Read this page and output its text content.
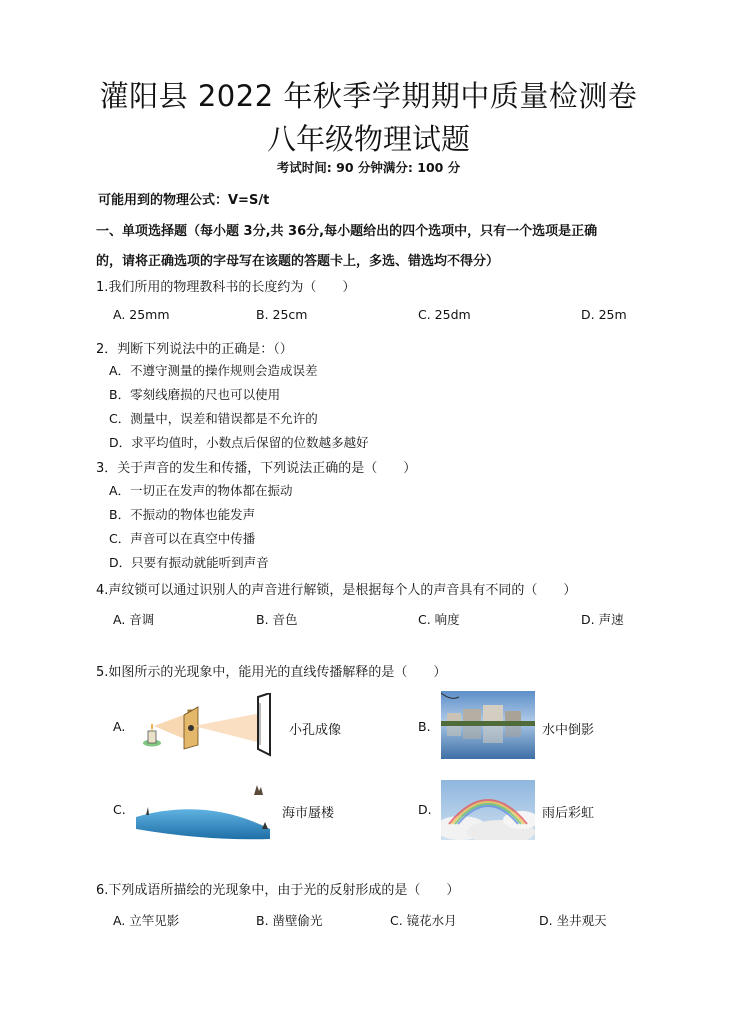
灌阳县 2022 年秋季学期期中质量检测卷
八年级物理试题
考试时间: 90 分钟满分: 100 分
可能用到的物理公式：V=S/t
一、单项选择题（每小题 3分,共 36分,每小题给出的四个选项中，只有一个选项是正确
的，请将正确选项的字母写在该题的答题卡上，多选、错选均不得分）
1.我们所用的物理教科书的长度约为（　　）
A. 25mm	B. 25cm	C. 25dm	D. 25m
2．判断下列说法中的正确是：（）
A．不遵守测量的操作规则会造成误差
B．零刻线磨损的尺也可以使用
C．测量中，误差和错误都是不允许的
D．求平均值时，小数点后保留的位数越多越好
3．关于声音的发生和传播，下列说法正确的是（　　）
A．一切正在发声的物体都在振动
B．不振动的物体也能发声
C．声音可以在真空中传播
D．只要有振动就能听到声音
4.声纹锁可以通过识别人的声音进行解锁，是根据每个人的声音具有不同的（　　）
A. 音调	B. 音色	C. 响度	D. 声速
5.如图所示的光现象中，能用光的直线传播解释的是（　　）
A.	小孔成像	B.	水中倒影
C.	海市蜃楼	D.	雨后彩虹
6.下列成语所描绘的光现象中，由于光的反射形成的是（　　）
A. 立竿见影	B. 凿壁偷光	C. 镜花水月	D. 坐井观天
